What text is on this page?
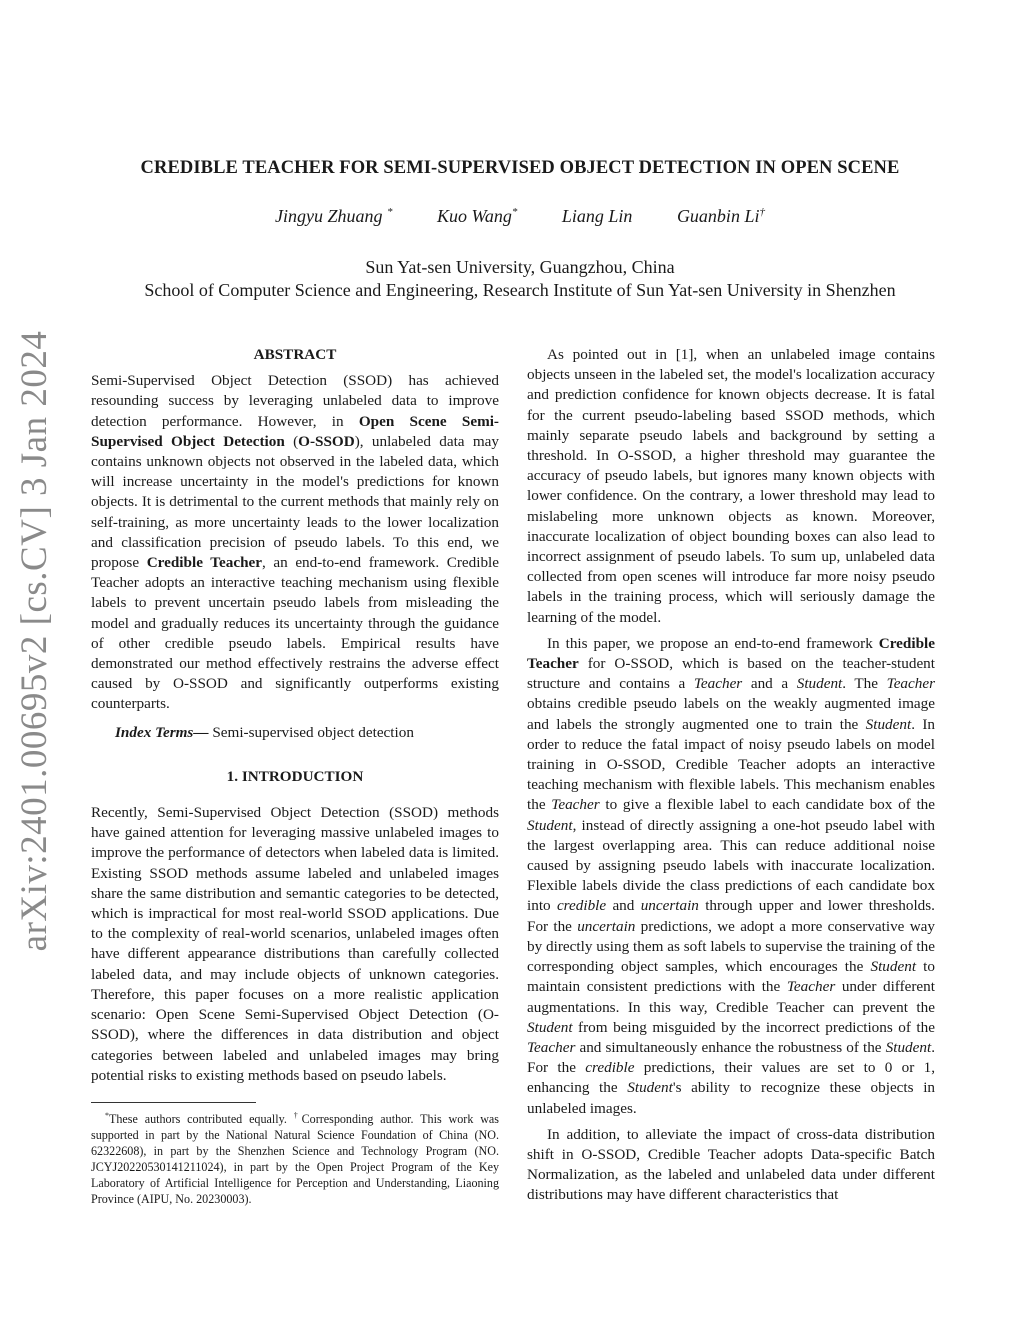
arXiv:2401.00695v2 [cs.CV] 3 Jan 2024
CREDIBLE TEACHER FOR SEMI-SUPERVISED OBJECT DETECTION IN OPEN SCENE
Jingyu Zhuang * Kuo Wang* Liang Lin Guanbin Li†
Sun Yat-sen University, Guangzhou, China
School of Computer Science and Engineering, Research Institute of Sun Yat-sen University in Shenzhen
ABSTRACT

Semi-Supervised Object Detection (SSOD) has achieved resounding success by leveraging unlabeled data to improve detection performance. However, in Open Scene Semi-Supervised Object Detection (O-SSOD), unlabeled data may contains unknown objects not observed in the labeled data, which will increase uncertainty in the model's predictions for known objects. It is detrimental to the current methods that mainly rely on self-training, as more uncertainty leads to the lower localization and classification precision of pseudo labels. To this end, we propose Credible Teacher, an end-to-end framework. Credible Teacher adopts an interactive teaching mechanism using flexible labels to prevent uncertain pseudo labels from misleading the model and gradually reduces its uncertainty through the guidance of other credible pseudo labels. Empirical results have demonstrated our method effectively restrains the adverse effect caused by O-SSOD and significantly outperforms existing counterparts.

Index Terms— Semi-supervised object detection

1. INTRODUCTION

Recently, Semi-Supervised Object Detection (SSOD) methods have gained attention for leveraging massive unlabeled images to improve the performance of detectors when labeled data is limited. Existing SSOD methods assume labeled and unlabeled images share the same distribution and semantic categories to be detected, which is impractical for most real-world SSOD applications. Due to the complexity of real-world scenarios, unlabeled images often have different appearance distributions than carefully collected labeled data, and may include objects of unknown categories. Therefore, this paper focuses on a more realistic application scenario: Open Scene Semi-Supervised Object Detection (O-SSOD), where the differences in data distribution and object categories between labeled and unlabeled images may bring potential risks to existing methods based on pseudo labels.

*These authors contributed equally. †Corresponding author. This work was supported in part by the National Natural Science Foundation of China (NO. 62322608), in part by the Shenzhen Science and Technology Program (NO. JCYJ20220530141211024), in part by the Open Project Program of the Key Laboratory of Artificial Intelligence for Perception and Understanding, Liaoning Province (AIPU, No. 20230003).

As pointed out in [1], when an unlabeled image contains objects unseen in the labeled set, the model's localization accuracy and prediction confidence for known objects decrease. It is fatal for the current pseudo-labeling based SSOD methods, which mainly separate pseudo labels and background by setting a threshold. In O-SSOD, a higher threshold may guarantee the accuracy of pseudo labels, but ignores many known objects with lower confidence. On the contrary, a lower threshold may lead to mislabeling more unknown objects as known. Moreover, inaccurate localization of object bounding boxes can also lead to incorrect assignment of pseudo labels. To sum up, unlabeled data collected from open scenes will introduce far more noisy pseudo labels in the training process, which will seriously damage the learning of the model.

In this paper, we propose an end-to-end framework Credible Teacher for O-SSOD, which is based on the teacher-student structure and contains a Teacher and a Student. The Teacher obtains credible pseudo labels on the weakly augmented image and labels the strongly augmented one to train the Student. In order to reduce the fatal impact of noisy pseudo labels on model training in O-SSOD, Credible Teacher adopts an interactive teaching mechanism with flexible labels. This mechanism enables the Teacher to give a flexible label to each candidate box of the Student, instead of directly assigning a one-hot pseudo label with the largest overlapping area. This can reduce additional noise caused by assigning pseudo labels with inaccurate localization. Flexible labels divide the class predictions of each candidate box into credible and uncertain through upper and lower thresholds. For the uncertain predictions, we adopt a more conservative way by directly using them as soft labels to supervise the training of the corresponding object samples, which encourages the Student to maintain consistent predictions with the Teacher under different augmentations. In this way, Credible Teacher can prevent the Student from being misguided by the incorrect predictions of the Teacher and simultaneously enhance the robustness of the Student. For the credible predictions, their values are set to 0 or 1, enhancing the Student's ability to recognize these objects in unlabeled images.

In addition, to alleviate the impact of cross-data distribution shift in O-SSOD, Credible Teacher adopts Data-specific Batch Normalization, as the labeled and unlabeled data under different distributions may have different characteristics that
